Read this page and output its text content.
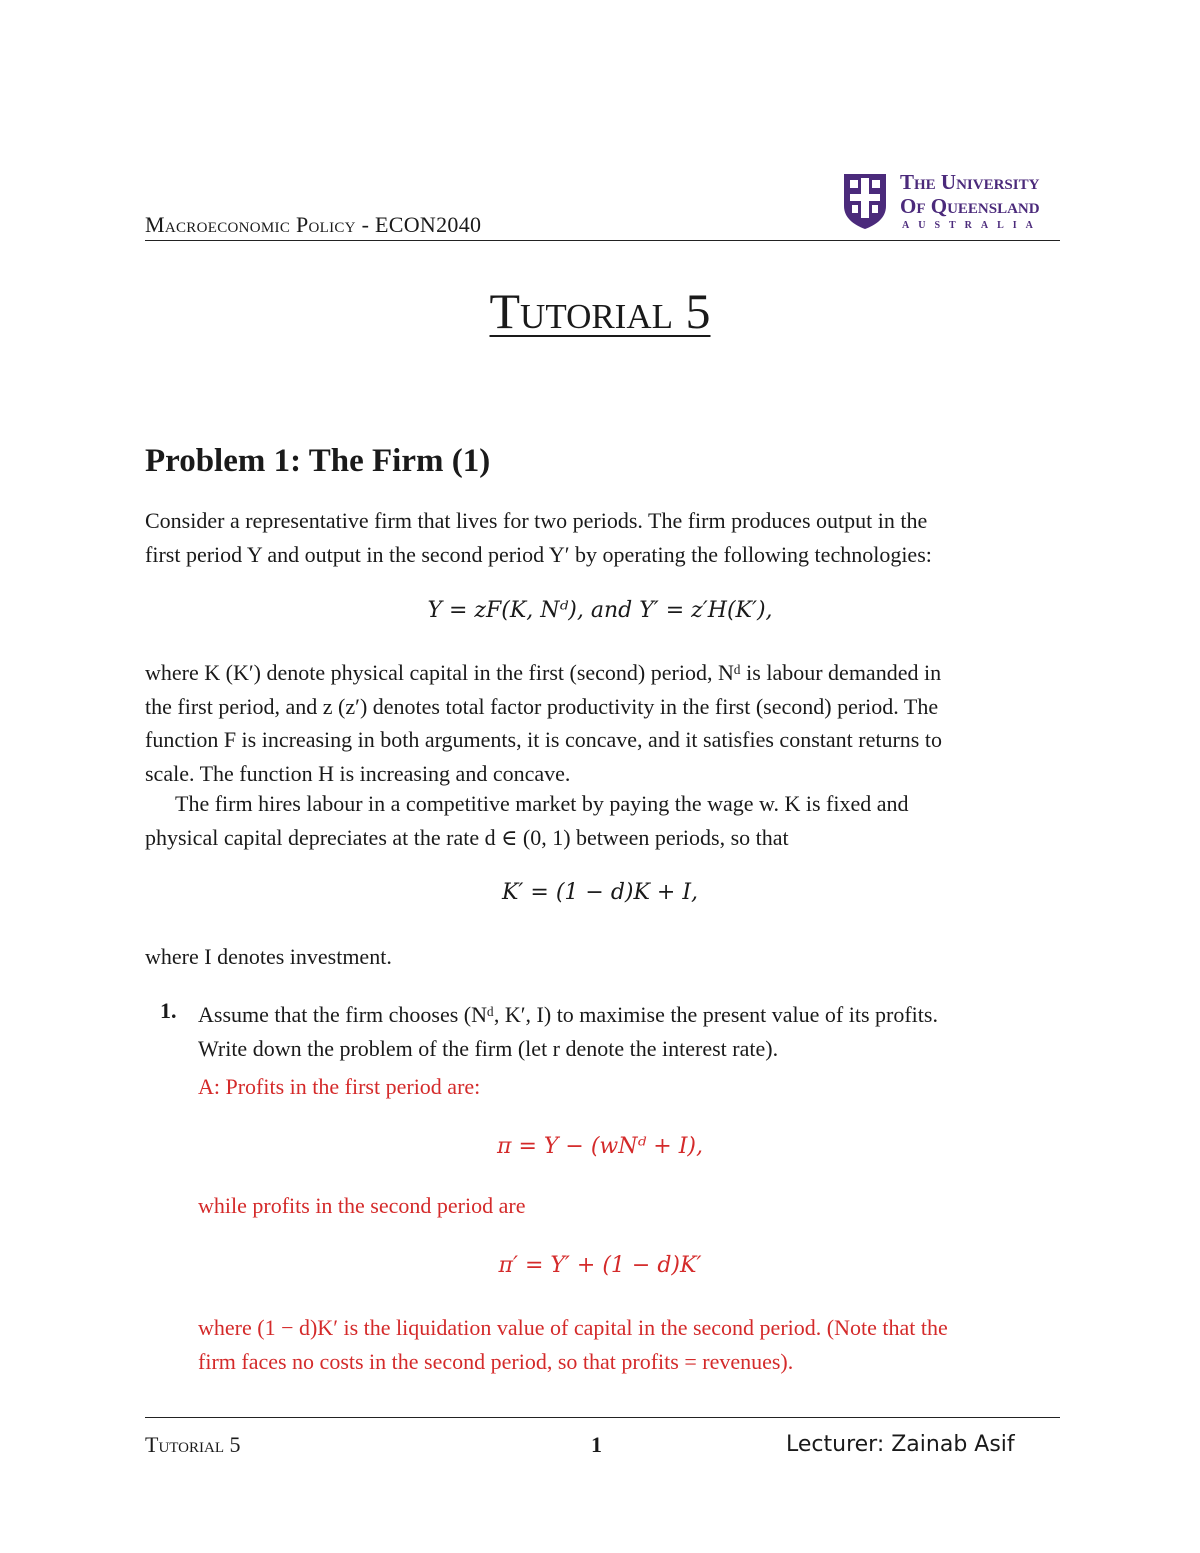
Macroeconomic Policy - ECON2040
The University
Of Queensland
AUSTRALIA
Tutorial 5
Problem 1: The Firm (1)
Consider a representative firm that lives for two periods. The firm produces output in the
first period Y and output in the second period Y′ by operating the following technologies:
Y = zF(K, Nᵈ), and Y′ = z′H(K′),
where K (K′) denote physical capital in the first (second) period, Nᵈ is labour demanded in
the first period, and z (z′) denotes total factor productivity in the first (second) period. The
function F is increasing in both arguments, it is concave, and it satisfies constant returns to
scale. The function H is increasing and concave.
The firm hires labour in a competitive market by paying the wage w. K is fixed and
physical capital depreciates at the rate d ∈ (0, 1) between periods, so that
K′ = (1 − d)K + I,
where I denotes investment.
1. Assume that the firm chooses (Nᵈ, K′, I) to maximise the present value of its profits.
Write down the problem of the firm (let r denote the interest rate).
A: Profits in the first period are:
π = Y − (wNᵈ + I),
while profits in the second period are
π′ = Y′ + (1 − d)K′
where (1 − d)K′ is the liquidation value of capital in the second period. (Note that the
firm faces no costs in the second period, so that profits = revenues).
Tutorial 5	1	Lecturer: Zainab Asif
